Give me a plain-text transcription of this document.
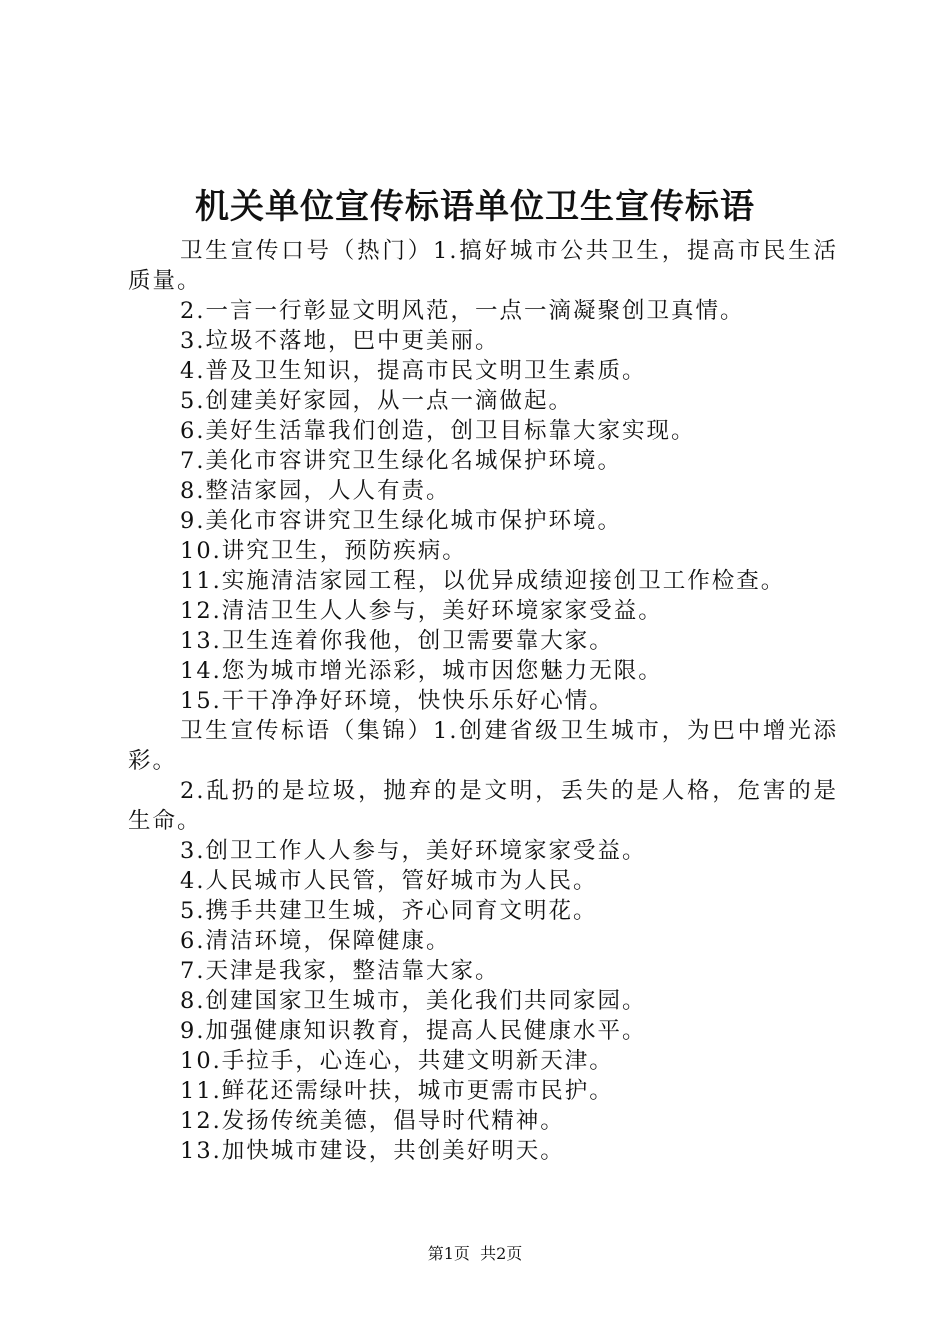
机关单位宣传标语单位卫生宣传标语

卫生宣传口号（热门）1.搞好城市公共卫生，提高市民生活质量。

2.一言一行彰显文明风范，一点一滴凝聚创卫真情。

3.垃圾不落地，巴中更美丽。

4.普及卫生知识，提高市民文明卫生素质。

5.创建美好家园，从一点一滴做起。

6.美好生活靠我们创造，创卫目标靠大家实现。

7.美化市容讲究卫生绿化名城保护环境。

8.整洁家园，人人有责。

9.美化市容讲究卫生绿化城市保护环境。

10.讲究卫生，预防疾病。

11.实施清洁家园工程，以优异成绩迎接创卫工作检查。

12.清洁卫生人人参与，美好环境家家受益。

13.卫生连着你我他，创卫需要靠大家。

14.您为城市增光添彩，城市因您魅力无限。

15.干干净净好环境，快快乐乐好心情。

卫生宣传标语（集锦）1.创建省级卫生城市，为巴中增光添彩。

2.乱扔的是垃圾，抛弃的是文明，丢失的是人格，危害的是生命。

3.创卫工作人人参与，美好环境家家受益。

4.人民城市人民管，管好城市为人民。

5.携手共建卫生城，齐心同育文明花。

6.清洁环境，保障健康。

7.天津是我家，整洁靠大家。

8.创建国家卫生城市，美化我们共同家园。

9.加强健康知识教育，提高人民健康水平。

10.手拉手，心连心，共建文明新天津。

11.鲜花还需绿叶扶，城市更需市民护。

12.发扬传统美德，倡导时代精神。

13.加快城市建设，共创美好明天。

第1页  共2页
